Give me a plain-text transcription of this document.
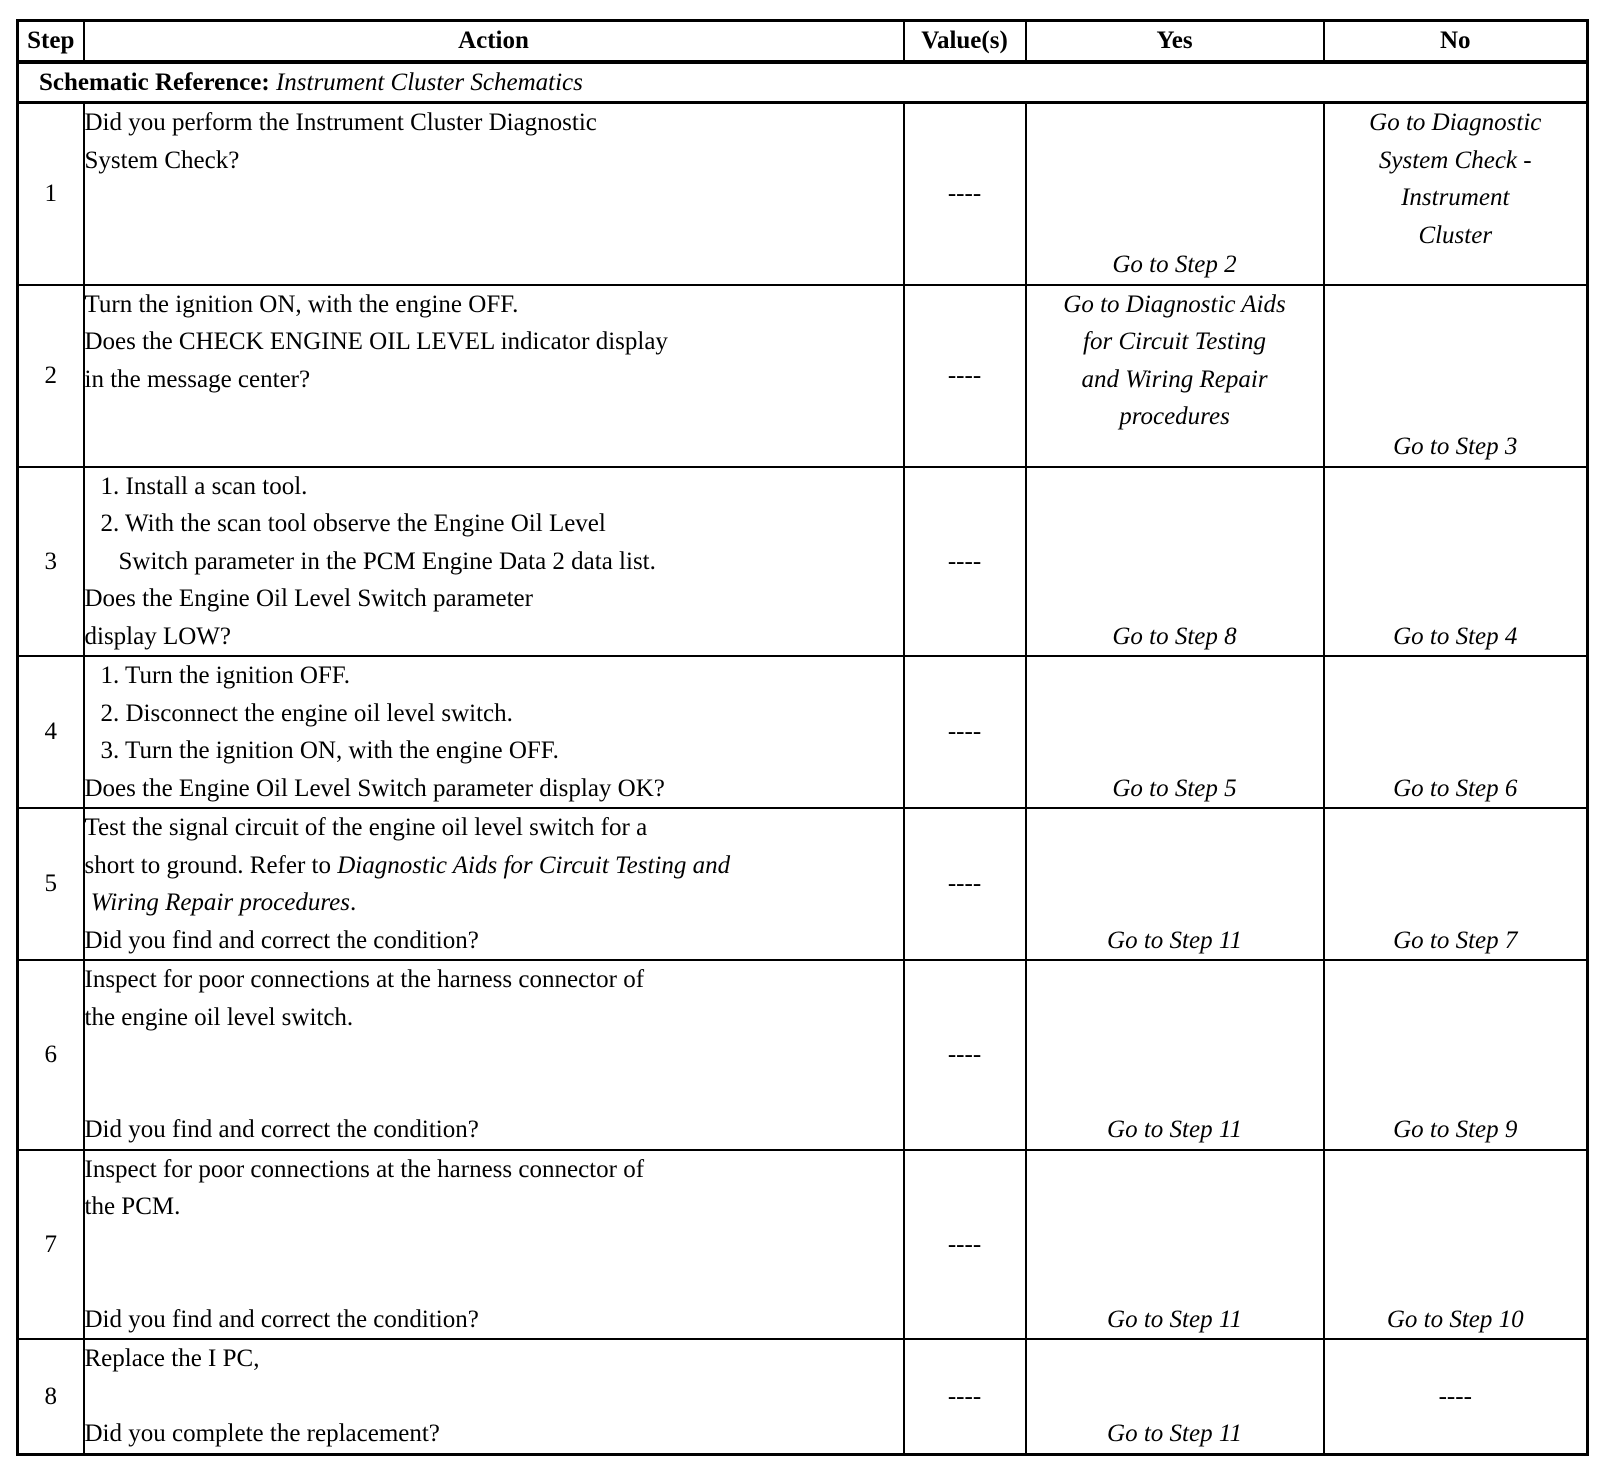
Step	Action	Value(s)	Yes	No
Schematic Reference: Instrument Cluster Schematics				
1	Did you perform the Instrument Cluster Diagnostic
System Check?	----	Go to Step 2	Go to Diagnostic
System Check -
Instrument
Cluster

2	Turn the ignition ON, with the engine OFF.
Does the CHECK ENGINE OIL LEVEL indicator display
in the message center?	----	Go to Diagnostic Aids
for Circuit Testing
and Wiring Repair
procedures	Go to Step 3

3	1. Install a scan tool.
2. With the scan tool observe the Engine Oil Level
Switch parameter in the PCM Engine Data 2 data list.
Does the Engine Oil Level Switch parameter
display LOW?	----	Go to Step 8	Go to Step 4

4	1. Turn the ignition OFF.
2. Disconnect the engine oil level switch.
3. Turn the ignition ON, with the engine OFF.
Does the Engine Oil Level Switch parameter display OK?	----	Go to Step 5	Go to Step 6

5	Test the signal circuit of the engine oil level switch for a
short to ground. Refer to Diagnostic Aids for Circuit Testing and
Wiring Repair procedures.
Did you find and correct the condition?	----	Go to Step 11	Go to Step 7

6	Inspect for poor connections at the harness connector of
the engine oil level switch.
Did you find and correct the condition?	----	Go to Step 11	Go to Step 9

7	Inspect for poor connections at the harness connector of
the PCM.
Did you find and correct the condition?	----	Go to Step 11	Go to Step 10

8	Replace the I PC,
Did you complete the replacement?	----	Go to Step 11	----
